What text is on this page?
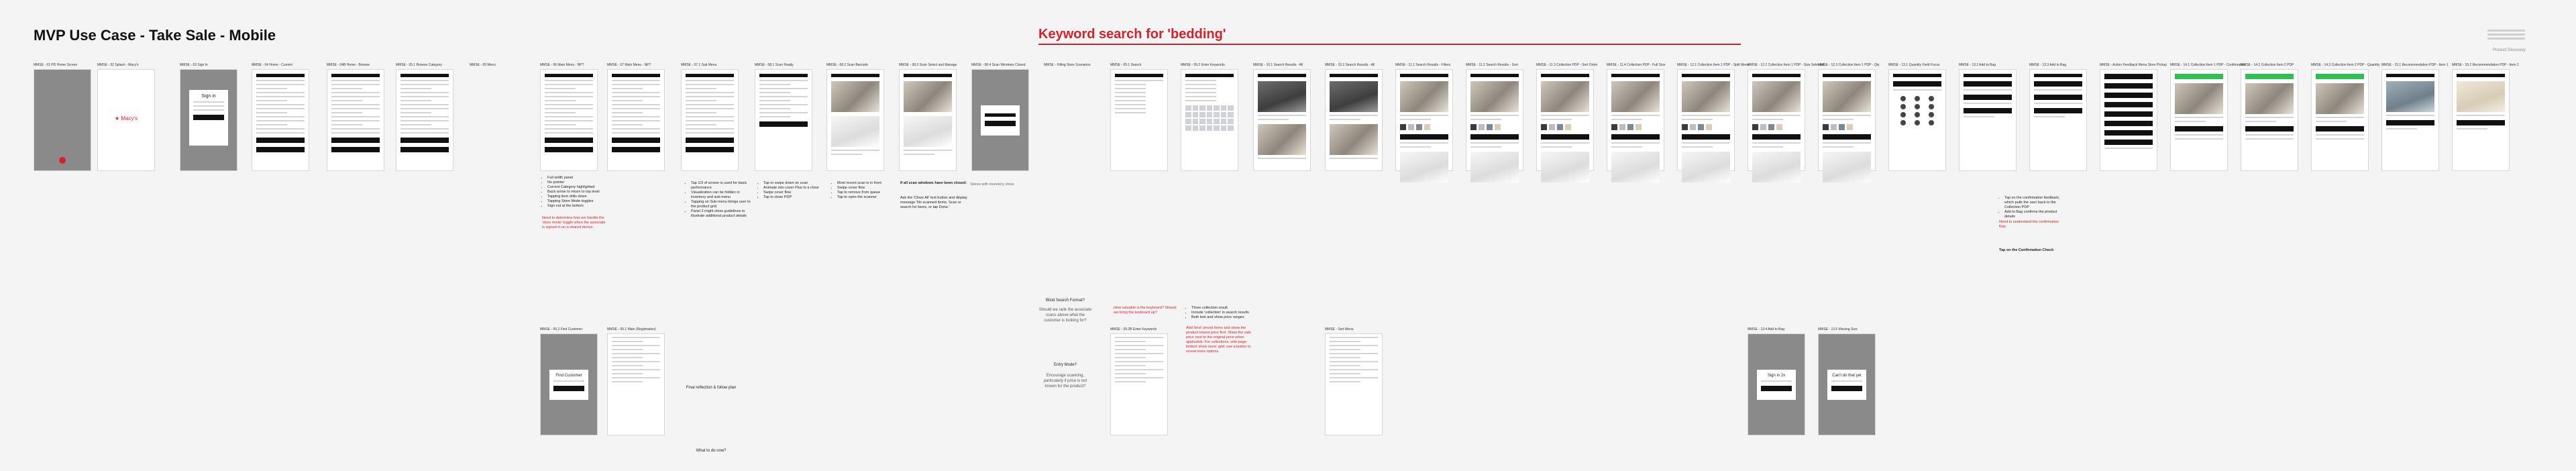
MVP Use Case - Take Sale - Mobile	Keyword search for 'bedding'
Product Discovery
MMSE - 01 PD Home Screen	MMSE - 02 Splash - Macy's
★ Macy's
MMSE - 03 Sign In
Sign in
MMSE - 04 Home - Current	MMSE - 04B Home - Browse	MMSE - 05.1 Browse Category	MMSE - 05 Menu	MMSE - 06 Main Menu - NPT	MMSE - 07 Main Menu - NPT	MMSE - 07.1 Sub Menu	MMSE - 08.1 Scan Ready	MMSE - 08.2 Scan Barcode	MMSE - 08.3 Scan Select and Manage	MMSE - 08.4 Scan Windows Closed	MMSE - Filling Store Scenarios	MMSE - 09.1 Search	MMSE - 09.2 Enter Keywords	MMSE - 10.1 Search Results - All	MMSE - 10.2 Search Results - All	MMSE - 11.1 Search Results - Filters	MMSE - 11.2 Search Results - Sort	MMSE - 11.3 Collection PDP - Sort Order	MMSE - 11.4 Collection PDP - Full Size	MMSE - 12.1 Collection Item 1 PDP - Split Menu
MMSE - 12.2 Collection Item 1 PDP - Size Selected
MMSE - 12.3 Collection Item 1 PDP - Qty	MMSE - 13.1 Quantity Field Focus	MMSE - 13.2 Add to Bag	MMSE - 13.3 Add to Bag	MMSE - Action Feedback Menu Store Pickup MMSE - 14.1 Collection Item 1 PDP - Confirmation
MMSE - 14.2 Collection Item 2 PDP	MMSE - 14.3 Collection Item 2 PDP - Quantity MMSE - 15.1 Recommendation PDP - Item 1 MMSE - 15.2 Recommendation PDP - Item 2
• Full width panel
• No pointer
• Current Category highlighted
• Back arrow to return to top level
• Tapping item drills down
• Tapping Store Mode toggles
• Sign out at the bottom
Need to determine how we handle the 'store mode' toggle when the associate is signed in on a shared device.
• Tap 1/3 of screen is used for basic performance
• Visualization can be hidden in inventory and sub-menu
• Tapping on Sub-menu brings user to the product grid
• Panel 2 might show guidelines to illustrate additional product details
Final reflection & follow plan
What to do now?
• Tap or swipe down on scan
• Animate into cover Plus to a close
• Swipe cover flow
• Tap to close PDP
• Most recent scan is in front
• Swipe cover flow
• Tap to remove from queue
• Tap to open the scanner
If all scan windows have been closed:
Ask the 'Close All' text button and display message 'No scanned items. Scan or search for items, or tap Done.'
Stores with inventory show.
Blind Search Format?
Should we rank the associate scans above what the customer is looking for?
Entry Mode?
Encourage scanning, particularly if price is not known for the product?
How valuable is the keyboard? Should we bring the keyboard up?
• Three collection result
• Include 'collection' in search results
• Both text and show price ranges
Add 'best' priced items and show the product lowest price first. Show the sale price next to the original price when applicable. For collections, with page-limited 'show more' grid, use a button to reveal more options.
• Tap on the confirmation feedback, which pulls the user back to the Collection PDP
• Add to Bag confirms the product details
Need to understand the confirmation flow.
Tap on the Confirmation Check
MMSE - 05.2 Find Customer
Find Customer
MMSE - 05.1 Main (Registration)	MMSE - 09.2B Enter Keywords	MMSE - Sort Menu	MMSE - 13.4 Add to Bag
Sign in 2x
MMSE - 13.5 Missing Size
Can't do that yet
